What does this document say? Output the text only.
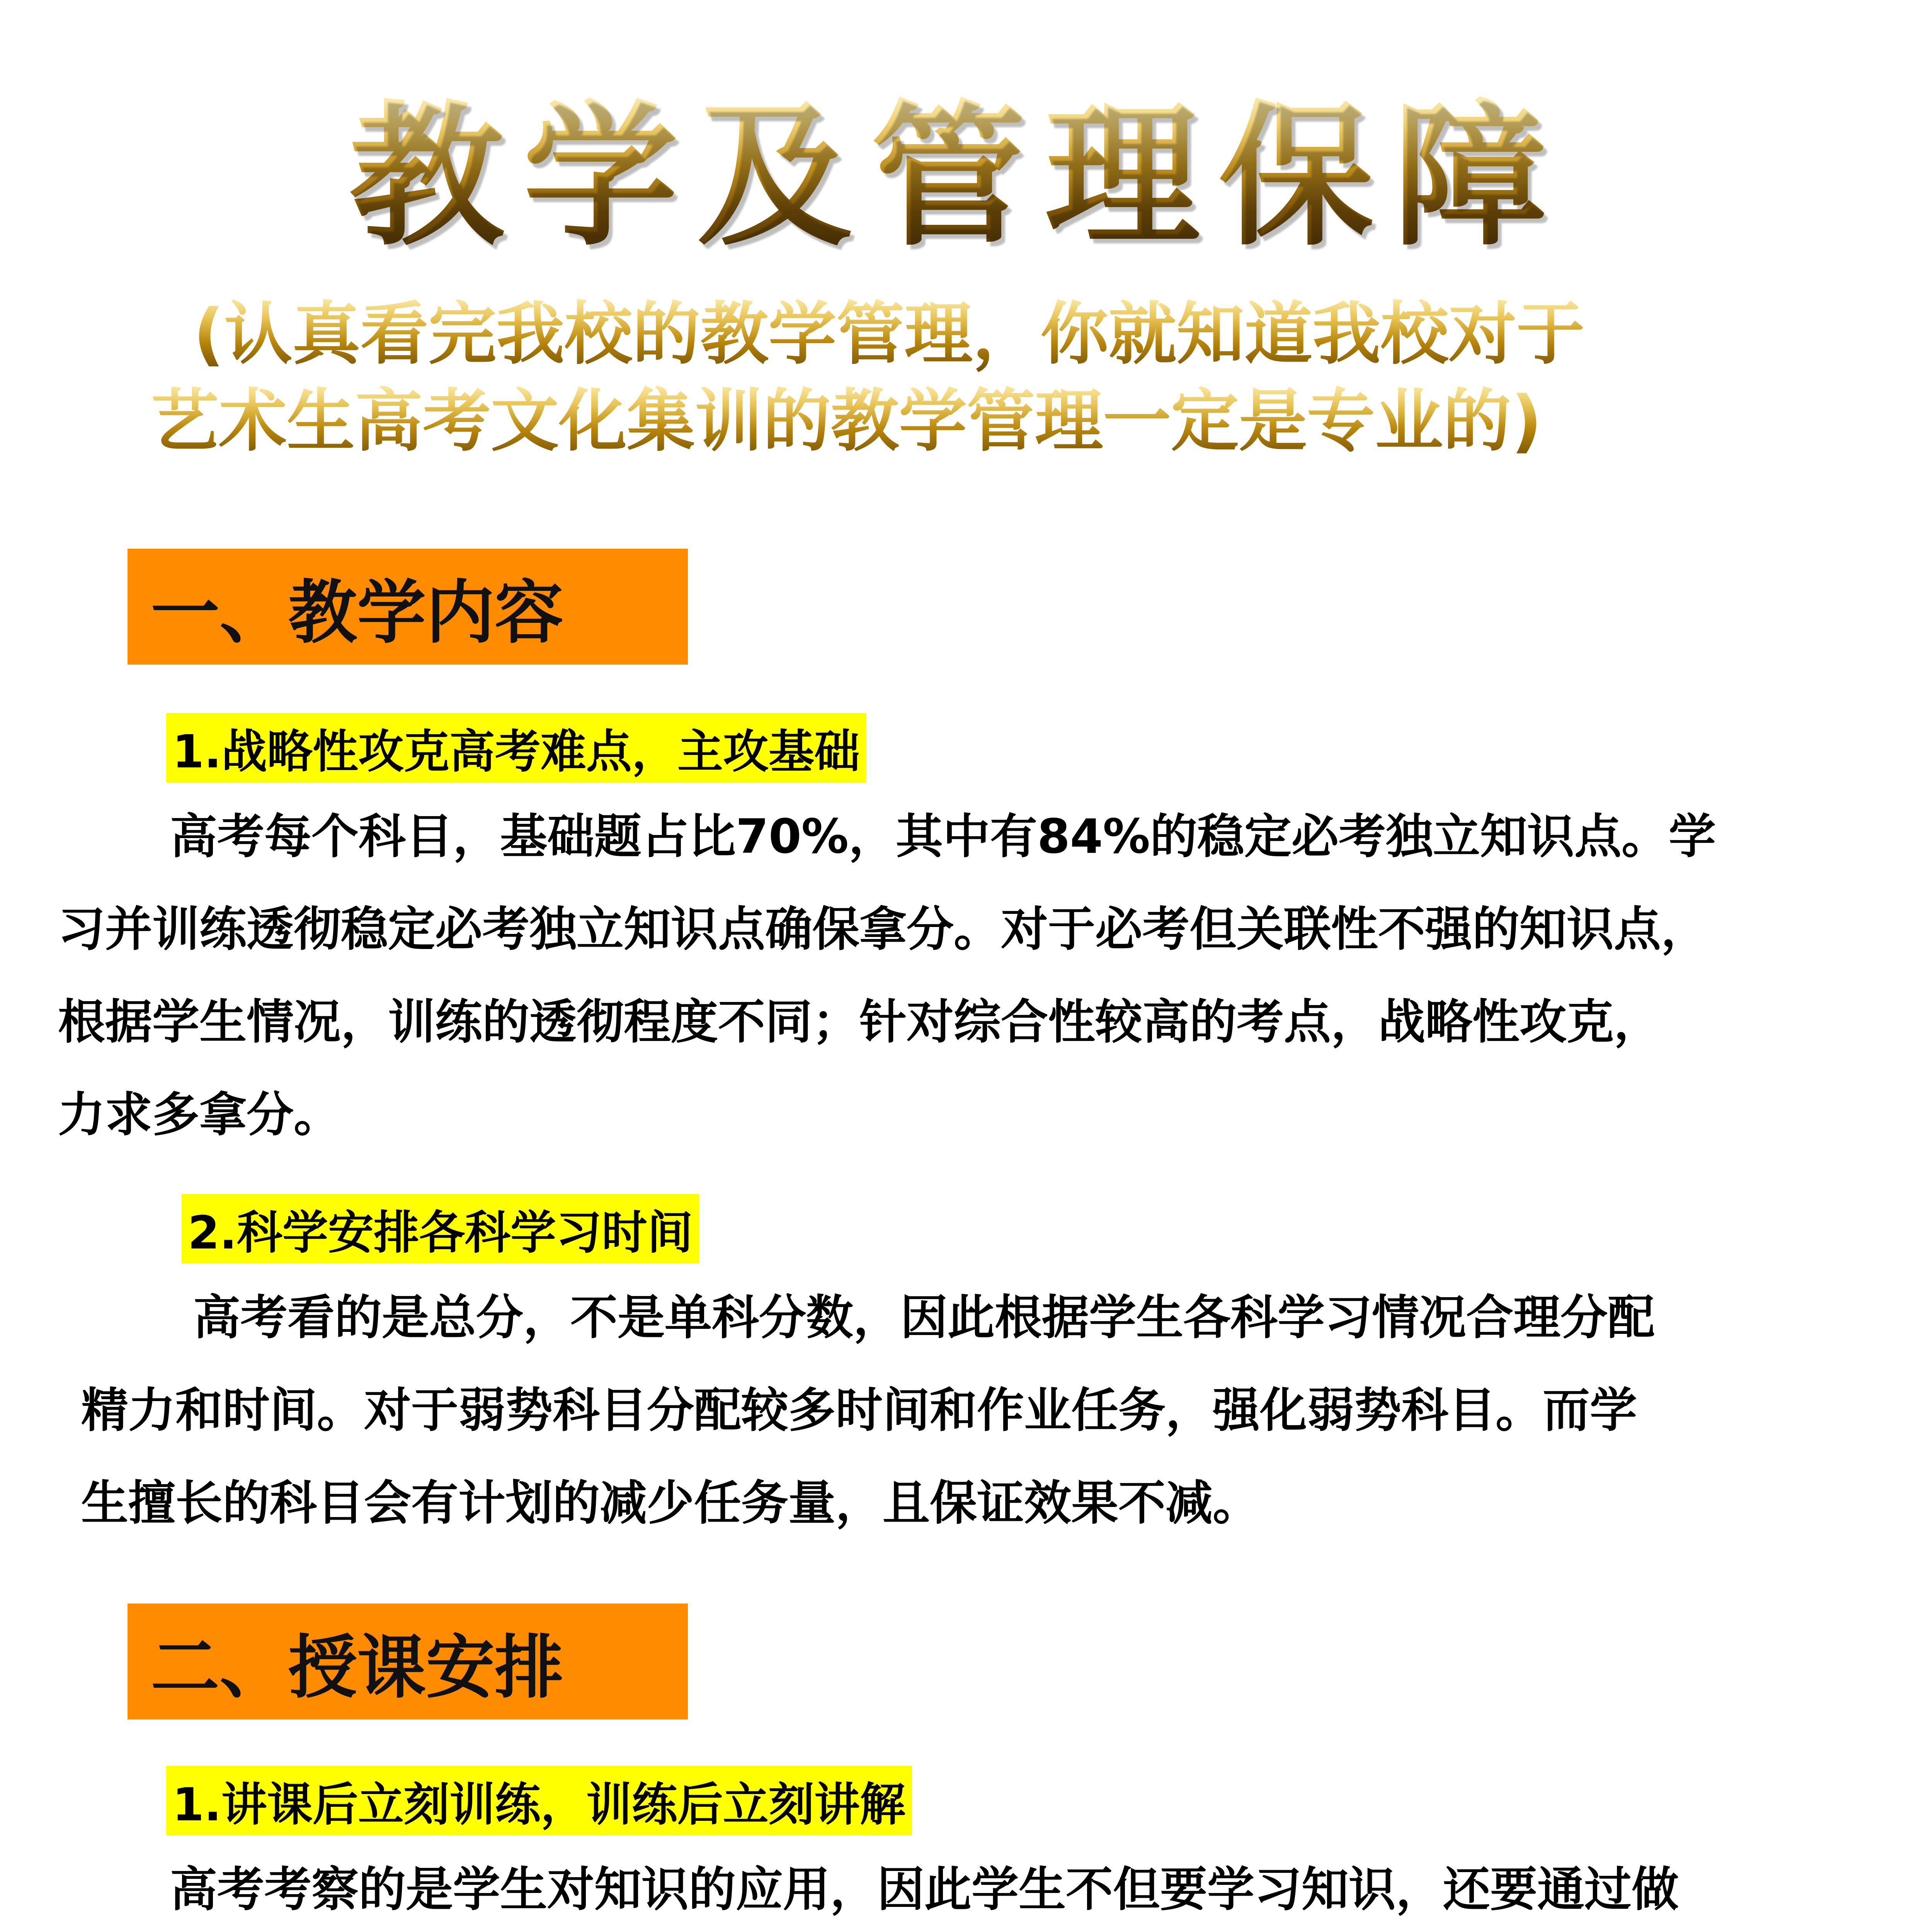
教学及管理保障
(认真看完我校的教学管理，你就知道我校对于
艺术生高考文化集训的教学管理一定是专业的)
一、教学内容
1.战略性攻克高考难点，主攻基础
高考每个科目，基础题占比70%，其中有84%的稳定必考独立知识点。学
习并训练透彻稳定必考独立知识点确保拿分。对于必考但关联性不强的知识点，
根据学生情况，训练的透彻程度不同；针对综合性较高的考点，战略性攻克，
力求多拿分。
2.科学安排各科学习时间
高考看的是总分，不是单科分数，因此根据学生各科学习情况合理分配
精力和时间。对于弱势科目分配较多时间和作业任务，强化弱势科目。而学
生擅长的科目会有计划的减少任务量，且保证效果不减。
二、授课安排
1.讲课后立刻训练，训练后立刻讲解
高考考察的是学生对知识的应用，因此学生不但要学习知识，还要通过做
